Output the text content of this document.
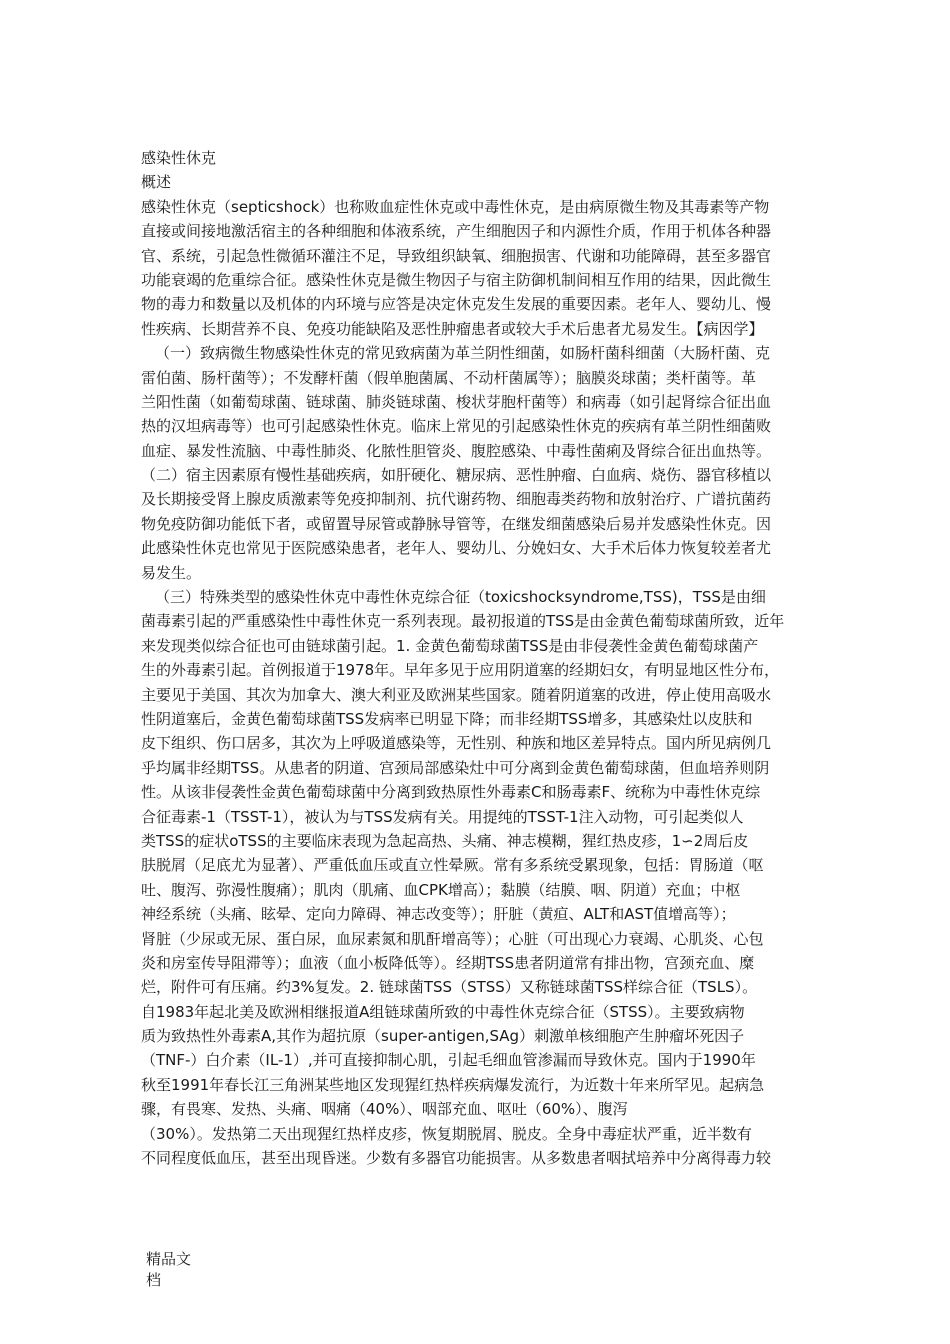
感染性休克
概述
感染性休克（septicshock）也称败血症性休克或中毒性休克，是由病原微生物及其毒素等产物
直接或间接地激活宿主的各种细胞和体液系统，产生细胞因子和内源性介质，作用于机体各种器
官、系统，引起急性微循环灌注不足，导致组织缺氧、细胞损害、代谢和功能障碍，甚至多器官
功能衰竭的危重综合征。感染性休克是微生物因子与宿主防御机制间相互作用的结果，因此微生
物的毒力和数量以及机体的内环境与应答是决定休克发生发展的重要因素。老年人、婴幼儿、慢
性疾病、长期营养不良、免疫功能缺陷及恶性肿瘤患者或较大手术后患者尤易发生。【病因学】
（一）致病微生物感染性休克的常见致病菌为革兰阴性细菌，如肠杆菌科细菌（大肠杆菌、克
雷伯菌、肠杆菌等）；不发酵杆菌（假单胞菌属、不动杆菌属等）；脑膜炎球菌；类杆菌等。革
兰阳性菌（如葡萄球菌、链球菌、肺炎链球菌、梭状芽胞杆菌等）和病毒（如引起肾综合征出血
热的汉坦病毒等）也可引起感染性休克。临床上常见的引起感染性休克的疾病有革兰阴性细菌败
血症、暴发性流脑、中毒性肺炎、化脓性胆管炎、腹腔感染、中毒性菌痢及肾综合征出血热等。
（二）宿主因素原有慢性基础疾病，如肝硬化、糖尿病、恶性肿瘤、白血病、烧伤、器官移植以
及长期接受肾上腺皮质激素等免疫抑制剂、抗代谢药物、细胞毒类药物和放射治疗、广谱抗菌药
物免疫防御功能低下者，或留置导尿管或静脉导管等，在继发细菌感染后易并发感染性休克。因
此感染性休克也常见于医院感染患者，老年人、婴幼儿、分娩妇女、大手术后体力恢复较差者尤
易发生。
（三）特殊类型的感染性休克中毒性休克综合征（toxicshocksyndrome,TSS)，TSS是由细
菌毒素引起的严重感染性中毒性休克一系列表现。最初报道的TSS是由金黄色葡萄球菌所致，近年
来发现类似综合征也可由链球菌引起。1. 金黄色葡萄球菌TSS是由非侵袭性金黄色葡萄球菌产
生的外毒素引起。首例报道于1978年。早年多见于应用阴道塞的经期妇女，有明显地区性分布，
主要见于美国、其次为加拿大、澳大利亚及欧洲某些国家。随着阴道塞的改进，停止使用高吸水
性阴道塞后，金黄色葡萄球菌TSS发病率已明显下降；而非经期TSS增多，其感染灶以皮肤和
皮下组织、伤口居多，其次为上呼吸道感染等，无性别、种族和地区差异特点。国内所见病例几
乎均属非经期TSS。从患者的阴道、宫颈局部感染灶中可分离到金黄色葡萄球菌，但血培养则阴
性。从该非侵袭性金黄色葡萄球菌中分离到致热原性外毒素C和肠毒素F、统称为中毒性休克综
合征毒素-1（TSST-1），被认为与TSS发病有关。用提纯的TSST-1注入动物，可引起类似人
类TSS的症状oTSS的主要临床表现为急起高热、头痛、神志模糊，猩红热皮疹，1∽2周后皮
肤脱屑（足底尤为显著）、严重低血压或直立性晕厥。常有多系统受累现象，包括：胃肠道（呕
吐、腹泻、弥漫性腹痛）；肌肉（肌痛、血CPK增高）；黏膜（结膜、咽、阴道）充血；中枢
神经系统（头痛、眩晕、定向力障碍、神志改变等）；肝脏（黄疸、ALT和AST值增高等）；
肾脏（少尿或无尿、蛋白尿，血尿素氮和肌酐增高等）；心脏（可出现心力衰竭、心肌炎、心包
炎和房室传导阻滞等）；血液（血小板降低等）。经期TSS患者阴道常有排出物，宫颈充血、糜
烂，附件可有压痛。约3%复发。2. 链球菌TSS（STSS）又称链球菌TSS样综合征（TSLS）。
自1983年起北美及欧洲相继报道A组链球菌所致的中毒性休克综合征（STSS）。主要致病物
质为致热性外毒素A,其作为超抗原（super-antigen,SAg）刺激单核细胞产生肿瘤坏死因子
（TNF-）白介素（IL-1）,并可直接抑制心肌，引起毛细血管渗漏而导致休克。国内于1990年
秋至1991年春长江三角洲某些地区发现猩红热样疾病爆发流行，为近数十年来所罕见。起病急
骤，有畏寒、发热、头痛、咽痛（40%）、咽部充血、呕吐（60%）、腹泻
（30%）。发热第二天出现猩红热样皮疹，恢复期脱屑、脱皮。全身中毒症状严重，近半数有
不同程度低血压，甚至出现昏迷。少数有多器官功能损害。从多数患者咽拭培养中分离得毒力较
精品文
档
